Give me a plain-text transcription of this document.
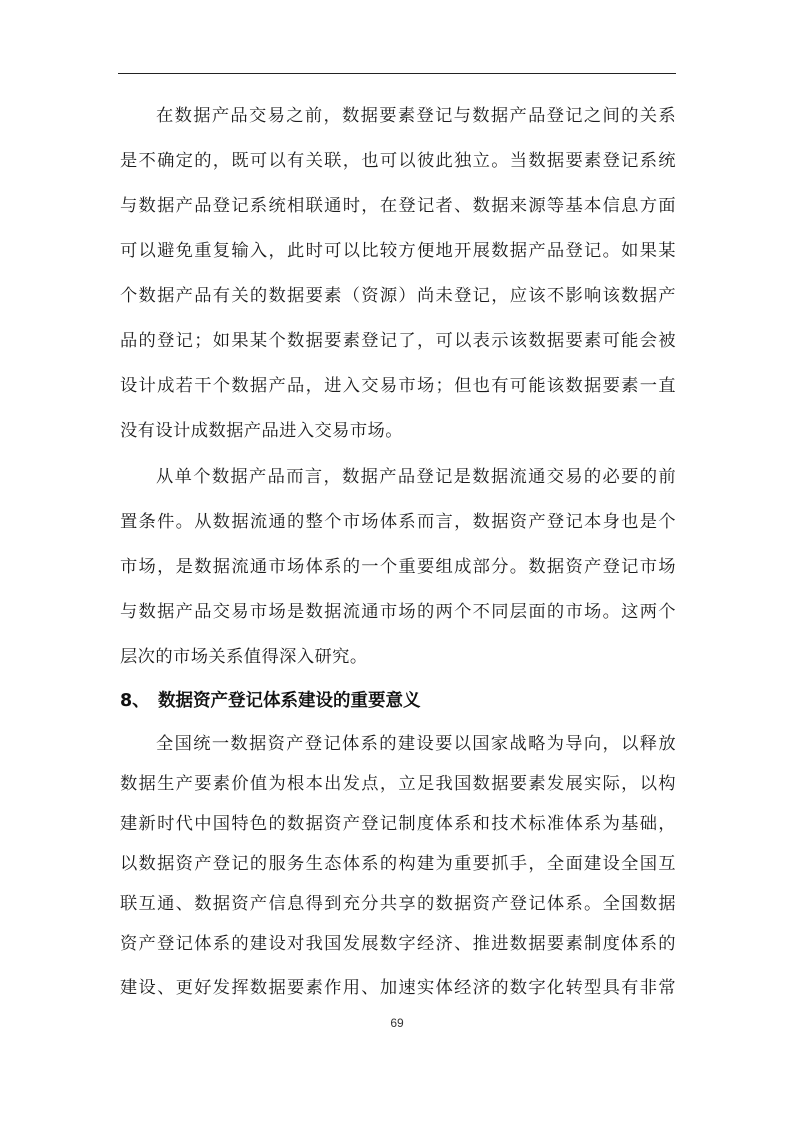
在数据产品交易之前，数据要素登记与数据产品登记之间的关系
是不确定的，既可以有关联，也可以彼此独立。当数据要素登记系统
与数据产品登记系统相联通时，在登记者、数据来源等基本信息方面
可以避免重复输入，此时可以比较方便地开展数据产品登记。如果某
个数据产品有关的数据要素（资源）尚未登记，应该不影响该数据产
品的登记；如果某个数据要素登记了，可以表示该数据要素可能会被
设计成若干个数据产品，进入交易市场；但也有可能该数据要素一直
没有设计成数据产品进入交易市场。
从单个数据产品而言，数据产品登记是数据流通交易的必要的前
置条件。从数据流通的整个市场体系而言，数据资产登记本身也是个
市场，是数据流通市场体系的一个重要组成部分。数据资产登记市场
与数据产品交易市场是数据流通市场的两个不同层面的市场。这两个
层次的市场关系值得深入研究。
8、 数据资产登记体系建设的重要意义
全国统一数据资产登记体系的建设要以国家战略为导向，以释放
数据生产要素价值为根本出发点，立足我国数据要素发展实际，以构
建新时代中国特色的数据资产登记制度体系和技术标准体系为基础，
以数据资产登记的服务生态体系的构建为重要抓手，全面建设全国互
联互通、数据资产信息得到充分共享的数据资产登记体系。全国数据
资产登记体系的建设对我国发展数字经济、推进数据要素制度体系的
建设、更好发挥数据要素作用、加速实体经济的数字化转型具有非常
69
